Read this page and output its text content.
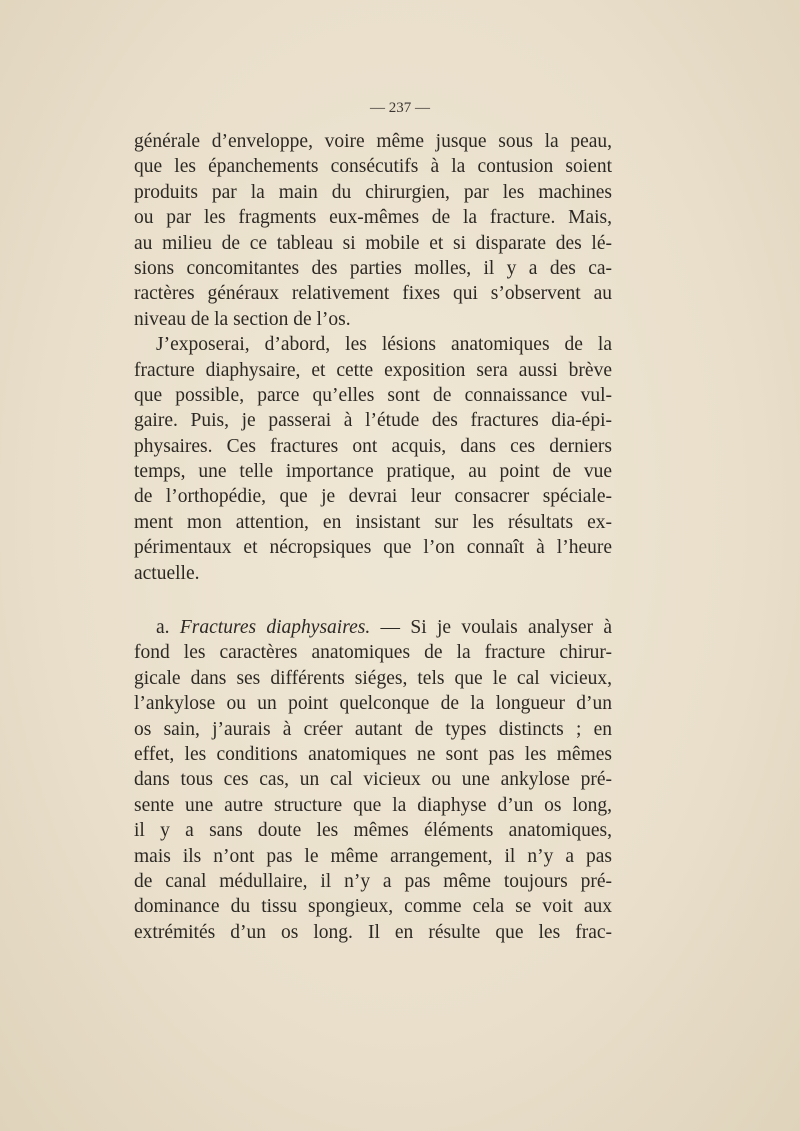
— 237 —
générale d’enveloppe, voire même jusque sous la peau,
que les épanchements consécutifs à la contusion soient
produits par la main du chirurgien, par les machines
ou par les fragments eux-mêmes de la fracture. Mais,
au milieu de ce tableau si mobile et si disparate des lé-
sions concomitantes des parties molles, il y a des ca-
ractères généraux relativement fixes qui s’observent au
niveau de la section de l’os.
J’exposerai, d’abord, les lésions anatomiques de la
fracture diaphysaire, et cette exposition sera aussi brève
que possible, parce qu’elles sont de connaissance vul-
gaire. Puis, je passerai à l’étude des fractures dia-épi-
physaires. Ces fractures ont acquis, dans ces derniers
temps, une telle importance pratique, au point de vue
de l’orthopédie, que je devrai leur consacrer spéciale-
ment mon attention, en insistant sur les résultats ex-
périmentaux et nécropsiques que l’on connaît à l’heure
actuelle.
a. Fractures diaphysaires. — Si je voulais analyser à
fond les caractères anatomiques de la fracture chirur-
gicale dans ses différents siéges, tels que le cal vicieux,
l’ankylose ou un point quelconque de la longueur d’un
os sain, j’aurais à créer autant de types distincts ; en
effet, les conditions anatomiques ne sont pas les mêmes
dans tous ces cas, un cal vicieux ou une ankylose pré-
sente une autre structure que la diaphyse d’un os long,
il y a sans doute les mêmes éléments anatomiques,
mais ils n’ont pas le même arrangement, il n’y a pas
de canal médullaire, il n’y a pas même toujours pré-
dominance du tissu spongieux, comme cela se voit aux
extrémités d’un os long. Il en résulte que les frac-
